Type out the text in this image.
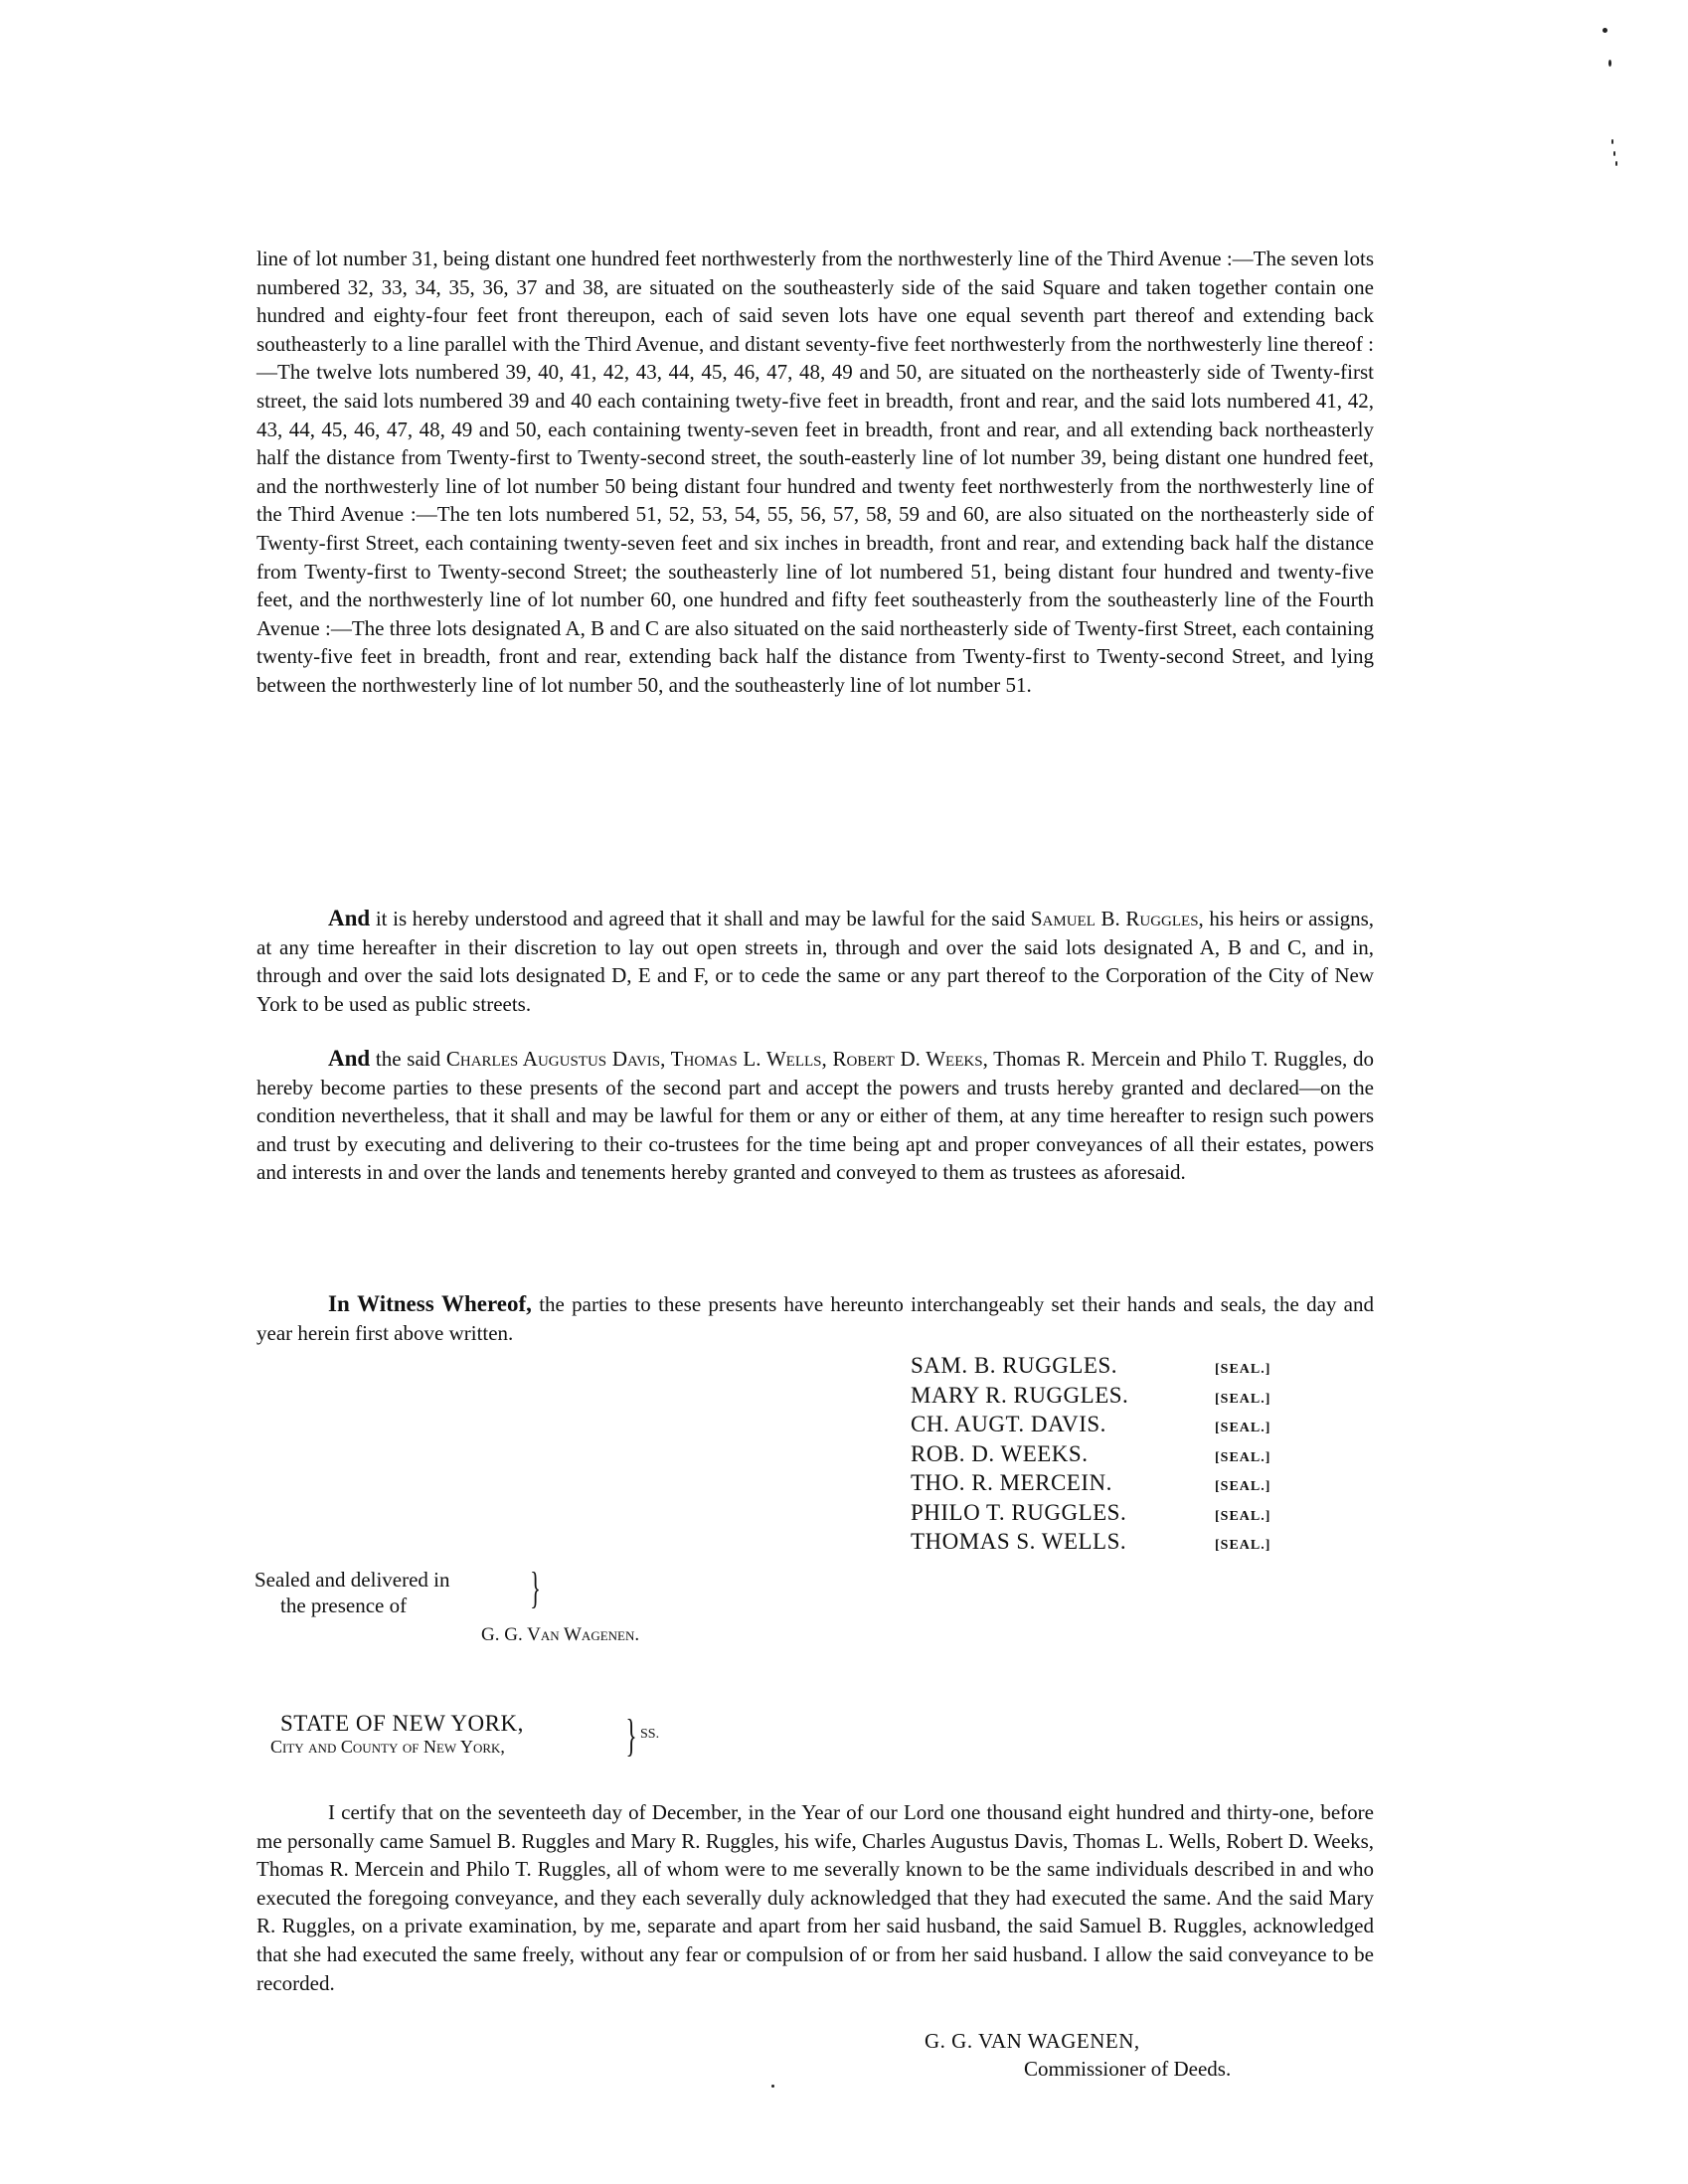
line of lot number 31, being distant one hundred feet northwesterly from the northwesterly line of the Third Avenue :—The seven lots numbered 32, 33, 34, 35, 36, 37 and 38, are situated on the southeasterly side of the said Square and taken together contain one hundred and eighty-four feet front thereupon, each of said seven lots have one equal seventh part thereof and extending back southeasterly to a line parallel with the Third Avenue, and distant seventy-five feet northwesterly from the northwesterly line thereof :—The twelve lots numbered 39, 40, 41, 42, 43, 44, 45, 46, 47, 48, 49 and 50, are situated on the northeasterly side of Twenty-first street, the said lots numbered 39 and 40 each containing twety-five feet in breadth, front and rear, and the said lots numbered 41, 42, 43, 44, 45, 46, 47, 48, 49 and 50, each containing twenty-seven feet in breadth, front and rear, and all extending back northeasterly half the distance from Twenty-first to Twenty-second street, the south-easterly line of lot number 39, being distant one hundred feet, and the northwesterly line of lot number 50 being distant four hundred and twenty feet northwesterly from the northwesterly line of the Third Avenue :—The ten lots numbered 51, 52, 53, 54, 55, 56, 57, 58, 59 and 60, are also situated on the northeasterly side of Twenty-first Street, each containing twenty-seven feet and six inches in breadth, front and rear, and extending back half the distance from Twenty-first to Twenty-second Street; the southeasterly line of lot numbered 51, being distant four hundred and twenty-five feet, and the northwesterly line of lot number 60, one hundred and fifty feet southeasterly from the southeasterly line of the Fourth Avenue :—The three lots designated A, B and C are also situated on the said northeasterly side of Twenty-first Street, each containing twenty-five feet in breadth, front and rear, extending back half the distance from Twenty-first to Twenty-second Street, and lying between the northwesterly line of lot number 50, and the southeasterly line of lot number 51.

And it is hereby understood and agreed that it shall and may be lawful for the said Samuel B. Ruggles, his heirs or assigns, at any time hereafter in their discretion to lay out open streets in, through and over the said lots designated A, B and C, and in, through and over the said lots designated D, E and F, or to cede the same or any part thereof to the Corporation of the City of New York to be used as public streets.

And the said Charles Augustus Davis, Thomas L. Wells, Robert D. Weeks, Thomas R. Mercein and Philo T. Ruggles, do hereby become parties to these presents of the second part and accept the powers and trusts hereby granted and declared—on the condition nevertheless, that it shall and may be lawful for them or any or either of them, at any time hereafter to resign such powers and trust by executing and delivering to their co-trustees for the time being apt and proper conveyances of all their estates, powers and interests in and over the lands and tenements hereby granted and conveyed to them as trustees as aforesaid.

In Witness Whereof, the parties to these presents have hereunto interchangeably set their hands and seals, the day and year herein first above written.

SAM. B. RUGGLES.	[SEAL.]
MARY R. RUGGLES.	[SEAL.]
CH. AUGT. DAVIS.	[SEAL.]
ROB. D. WEEKS.	[SEAL.]
THO. R. MERCEIN.	[SEAL.]
PHILO T. RUGGLES.	[SEAL.]
THOMAS S. WELLS.	[SEAL.]
Sealed and delivered in
the presence of	}
G. G. Van Wagenen.
STATE OF NEW YORK,
City and County of New York,	} SS.

I certify that on the seventeeth day of December, in the Year of our Lord one thousand eight hundred and thirty-one, before me personally came Samuel B. Ruggles and Mary R. Ruggles, his wife, Charles Augustus Davis, Thomas L. Wells, Robert D. Weeks, Thomas R. Mercein and Philo T. Ruggles, all of whom were to me severally known to be the same individuals described in and who executed the foregoing conveyance, and they each severally duly acknowledged that they had executed the same. And the said Mary R. Ruggles, on a private examination, by me, separate and apart from her said husband, the said Samuel B. Ruggles, acknowledged that she had executed the same freely, without any fear or compulsion of or from her said husband. I allow the said conveyance to be recorded.

G. G. VAN WAGENEN,
Commissioner of Deeds.
